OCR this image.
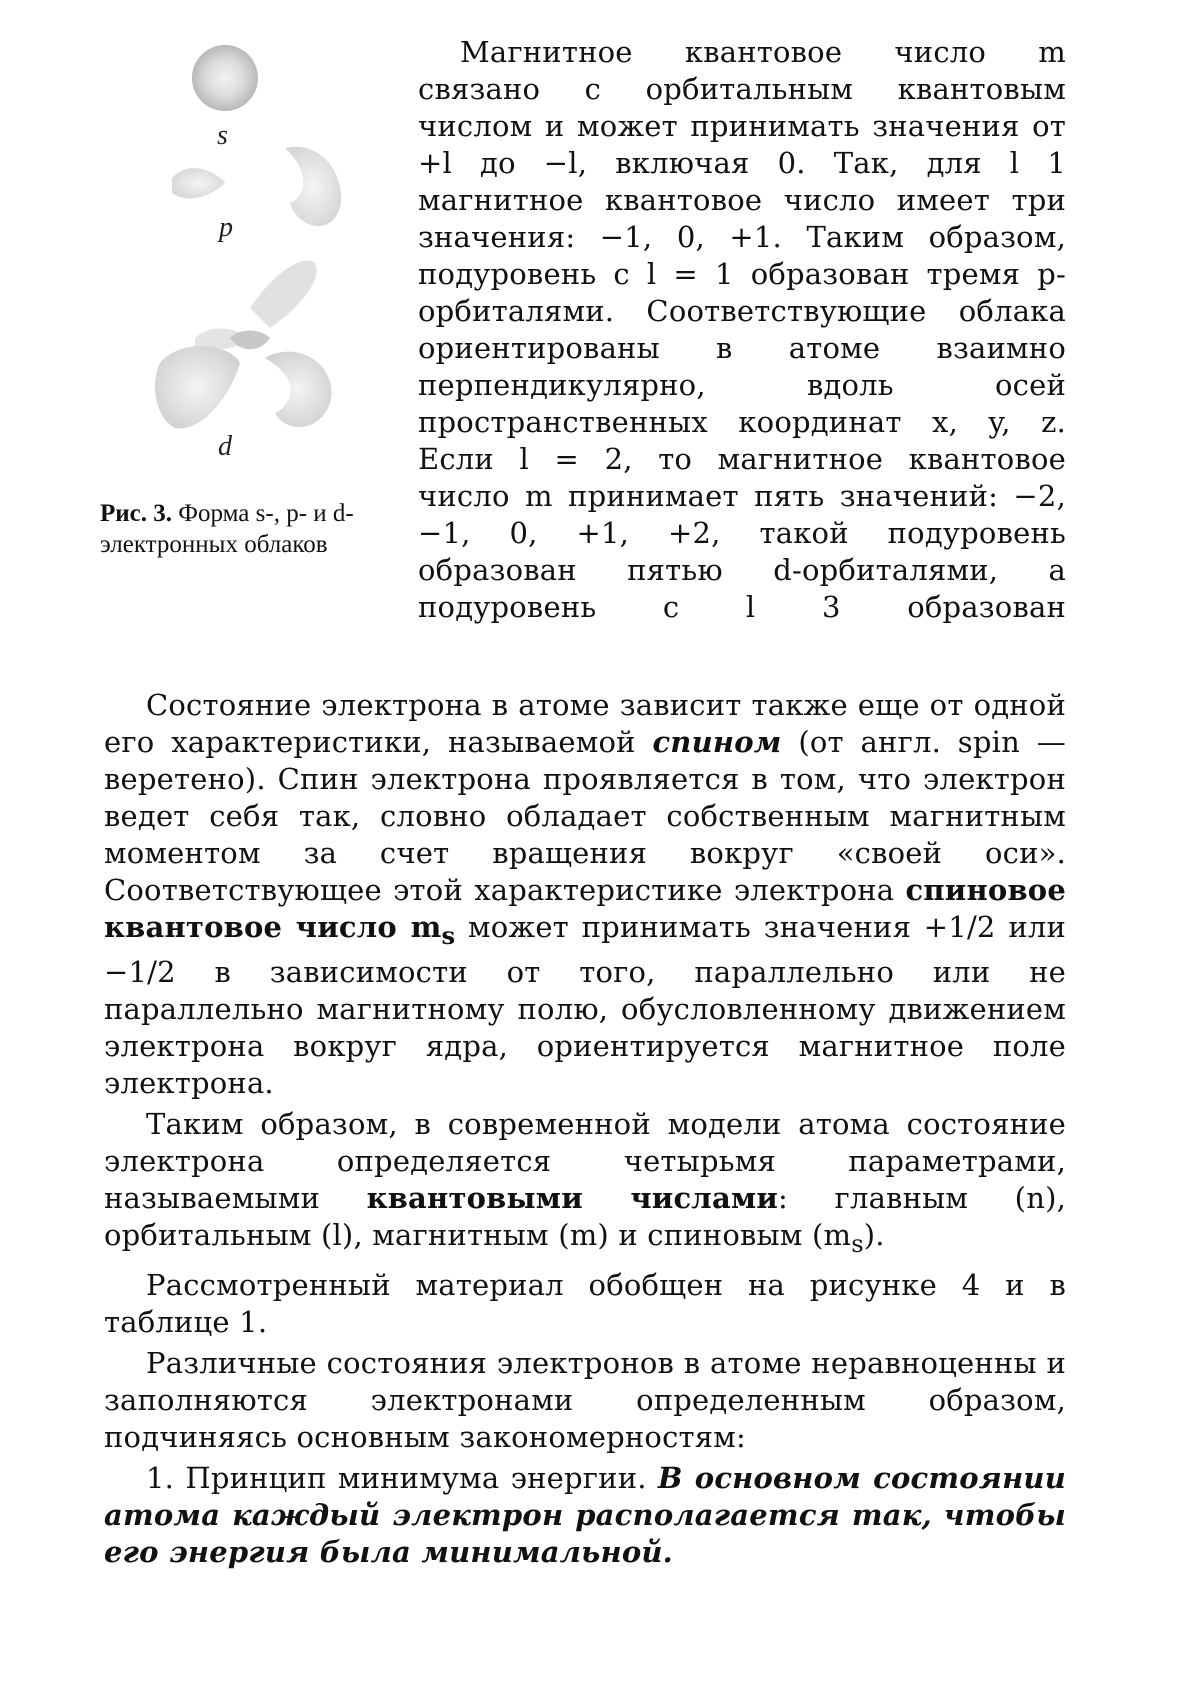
s
p
d
Рис. 3. Форма s-, p- и d-электронных облаков

Магнитное квантовое число m связано с орбитальным квантовым числом и может принимать значения от +l до −l, включая 0. Так, для l 1 магнитное квантовое число имеет три значения: −1, 0, +1. Таким образом, подуровень с l = 1 образован тремя p-орбиталями. Соответствующие облака ориентированы в атоме взаимно перпендикулярно, вдоль осей пространственных координат x, y, z. Если l = 2, то магнитное квантовое число m принимает пять значений: −2, −1, 0, +1, +2, такой подуровень образован пятью d-орбиталями, а подуровень с l 3 образован

Состояние электрона в атоме зависит также еще от одной его характеристики, называемой спином (от англ. spin — веретено). Спин электрона проявляется в том, что электрон ведет себя так, словно обладает собственным магнитным моментом за счет вращения вокруг «своей оси». Соответствующее этой характеристике электрона спиновое квантовое число $m_s$ может принимать значения +1/2 или −1/2 в зависимости от того, параллельно или не параллельно магнитному полю, обусловленному движением электрона вокруг ядра, ориентируется магнитное поле электрона.

Таким образом, в современной модели атома состояние электрона определяется четырьмя параметрами, называемыми квантовыми числами: главным (n), орбитальным (l), магнитным (m) и спиновым $(m_s)$.

Рассмотренный материал обобщен на рисунке 4 и в таблице 1.

Различные состояния электронов в атоме неравноценны и заполняются электронами определенным образом, подчиняясь основным закономерностям:

1. Принцип минимума энергии. В основном состоянии атома каждый электрон располагается так, чтобы его энергия была минимальной.
